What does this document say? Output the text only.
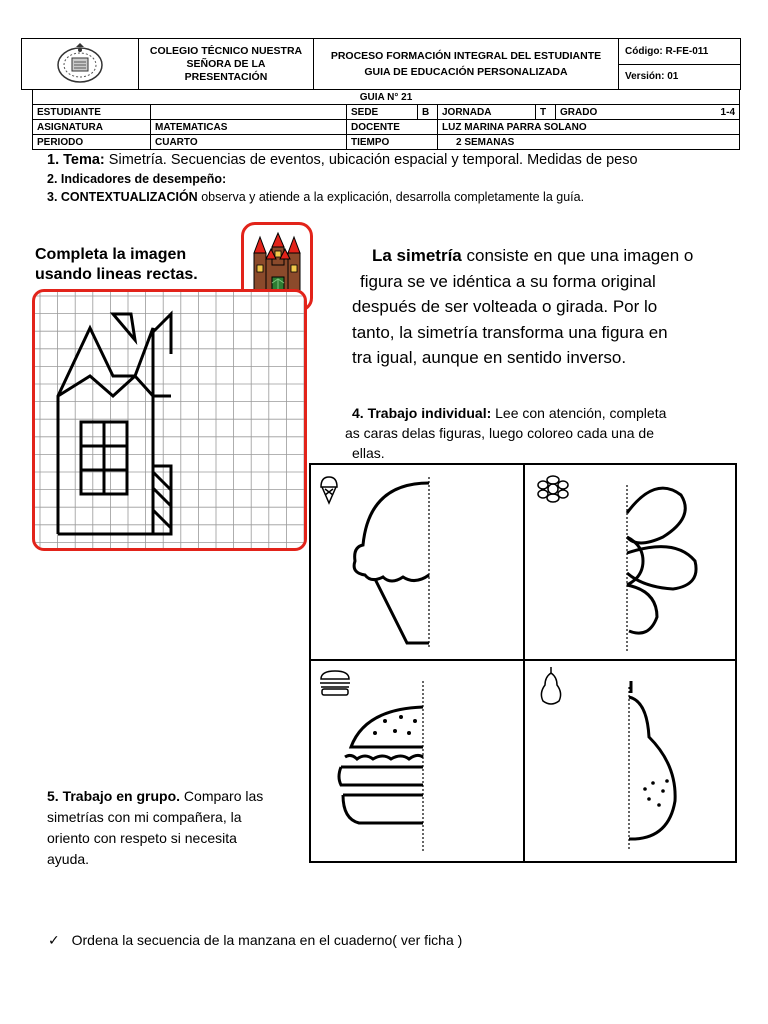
COLEGIO TÉCNICO NUESTRA
SEÑORA DE LA
PRESENTACIÓN
PROCESO FORMACIÓN INTEGRAL DEL ESTUDIANTE
GUIA DE EDUCACIÓN PERSONALIZADA
Código: R-FE-011
Versión: 01
GUIA N° 21							
ESTUDIANTE		SEDE	B	JORNADA	T	GRADO	1-4
ASIGNATURA	MATEMATICAS	DOCENTE		LUZ MARINA PARRA SOLANO			
PERIODO	CUARTO	TIEMPO		2 SEMANAS			
1. Tema: Simetría. Secuencias de eventos, ubicación espacial y temporal. Medidas de peso
2. Indicadores de desempeño:
3. CONTEXTUALIZACIÓN observa y atiende a la explicación, desarrolla completamente la guía.
Completa la imagen
usando lineas rectas.
La simetría consiste en que una imagen o
figura se ve idéntica a su forma original
después de ser volteada o girada. Por lo
tanto, la simetría transforma una figura en
tra igual, aunque en sentido inverso.
4. Trabajo individual: Lee con atención, completa
as caras delas figuras, luego coloreo cada una de
ellas.
5. Trabajo en grupo. Comparo las
simetrías con mi compañera, la
oriento con respeto si necesita
ayuda.
✓ Ordena la secuencia de la manzana en el cuaderno( ver ficha )
